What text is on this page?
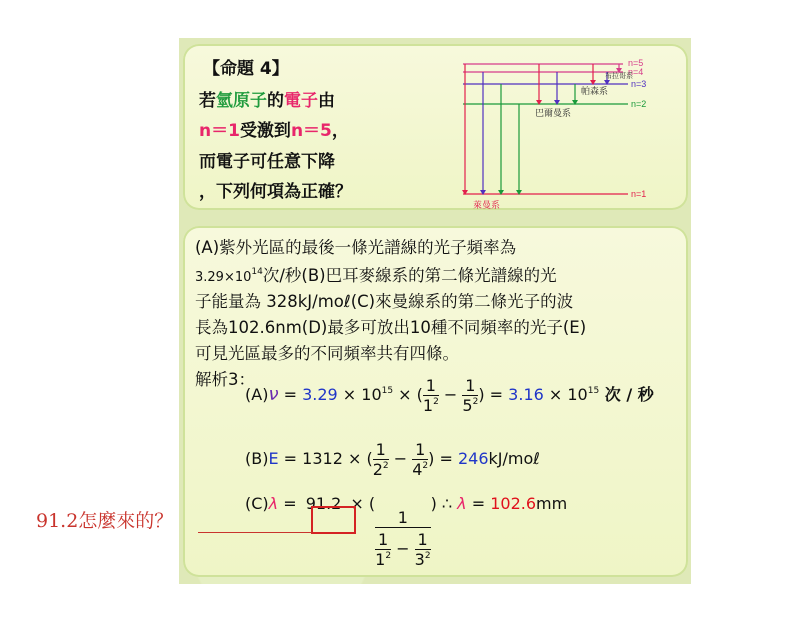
【命題 4】
若氫原子的電子由
n＝1受激到n＝5，
而電子可任意下降
，下列何項為正確？
n=5
n=4
n=3
n=2
n=1
布拉哥系
帕森系
巴爾曼系
萊曼系
(A)紫外光區的最後一條光譜線的光子頻率為
$3.29\times 10^{14}$次/秒(B)巴耳麥線系的第二條光譜線的光
子能量為 328kJ/moℓ(C)來曼線系的第二條光子的波
長為102.6nm(D)最多可放出10種不同頻率的光子(E)
可見光區最多的不同頻率共有四條。
解析3：
$(A)\nu = 3.29 \times 10^{15}$ × ( $\frac{1}{1^2} - \frac{1}{5^2}$ ) = $3.16 \times 10^{15}$ 次 / 秒
(B)E = 1312 × ( $\frac{1}{2^2} - \frac{1}{4^2}$ ) = 246kJ/moℓ
(C)λ = 91.2 × (
$\frac{1}{\frac{1}{1^2} - \frac{1}{3^2}}$
) ∴ λ = 102.6mm
91.2怎麼來的？
